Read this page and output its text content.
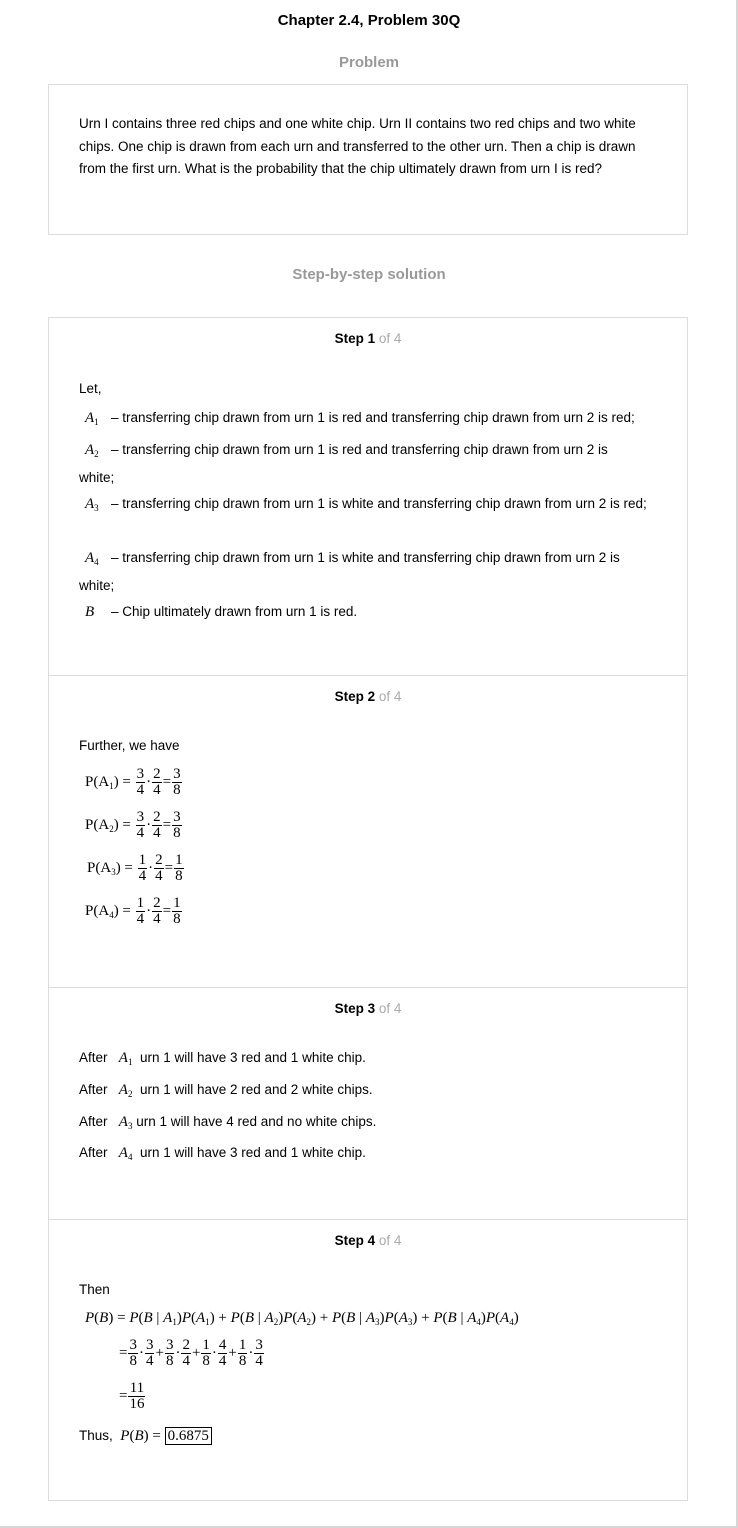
Chapter 2.4, Problem 30Q
Problem
Urn I contains three red chips and one white chip. Urn II contains two red chips and two white chips. One chip is drawn from each urn and transferred to the other urn. Then a chip is drawn from the first urn. What is the probability that the chip ultimately drawn from urn I is red?
Step-by-step solution
Step 1 of 4
Let,
$A_1$ – transferring chip drawn from urn 1 is red and transferring chip drawn from urn 2 is red;
$A_2$ – transferring chip drawn from urn 1 is red and transferring chip drawn from urn 2 is white;
$A_3$ – transferring chip drawn from urn 1 is white and transferring chip drawn from urn 2 is red;
$A_4$ – transferring chip drawn from urn 1 is white and transferring chip drawn from urn 2 is white;
B – Chip ultimately drawn from urn 1 is red.
Step 2 of 4
Further, we have
$P(A_1) = \frac{3}{4} \cdot \frac{2}{4} = \frac{3}{8}$
$P(A_2) = \frac{3}{4} \cdot \frac{2}{4} = \frac{3}{8}$
$P(A_3) = \frac{1}{4} \cdot \frac{2}{4} = \frac{1}{8}$
$P(A_4) = \frac{1}{4} \cdot \frac{2}{4} = \frac{1}{8}$
Step 3 of 4
After $A_1$ urn 1 will have 3 red and 1 white chip.
After $A_2$ urn 1 will have 2 red and 2 white chips.
After $A_3$ urn 1 will have 4 red and no white chips.
After $A_4$ urn 1 will have 3 red and 1 white chip.
Step 4 of 4
Then
P(B) = P(B | $A_1)P(A_1) + P(B$ | $A_2)P(A_2) + P(B$ | $A_3)P(A_3) + P(B$ | $A_4)P(A_4)$
= $\frac{3}{8} \cdot \frac{3}{4} + \frac{3}{8} \cdot \frac{2}{4} + \frac{1}{8} \cdot \frac{4}{4} + \frac{1}{8} \cdot \frac{3}{4}$
= $\frac{11}{16}$
Thus, P(B) = 0.6875
